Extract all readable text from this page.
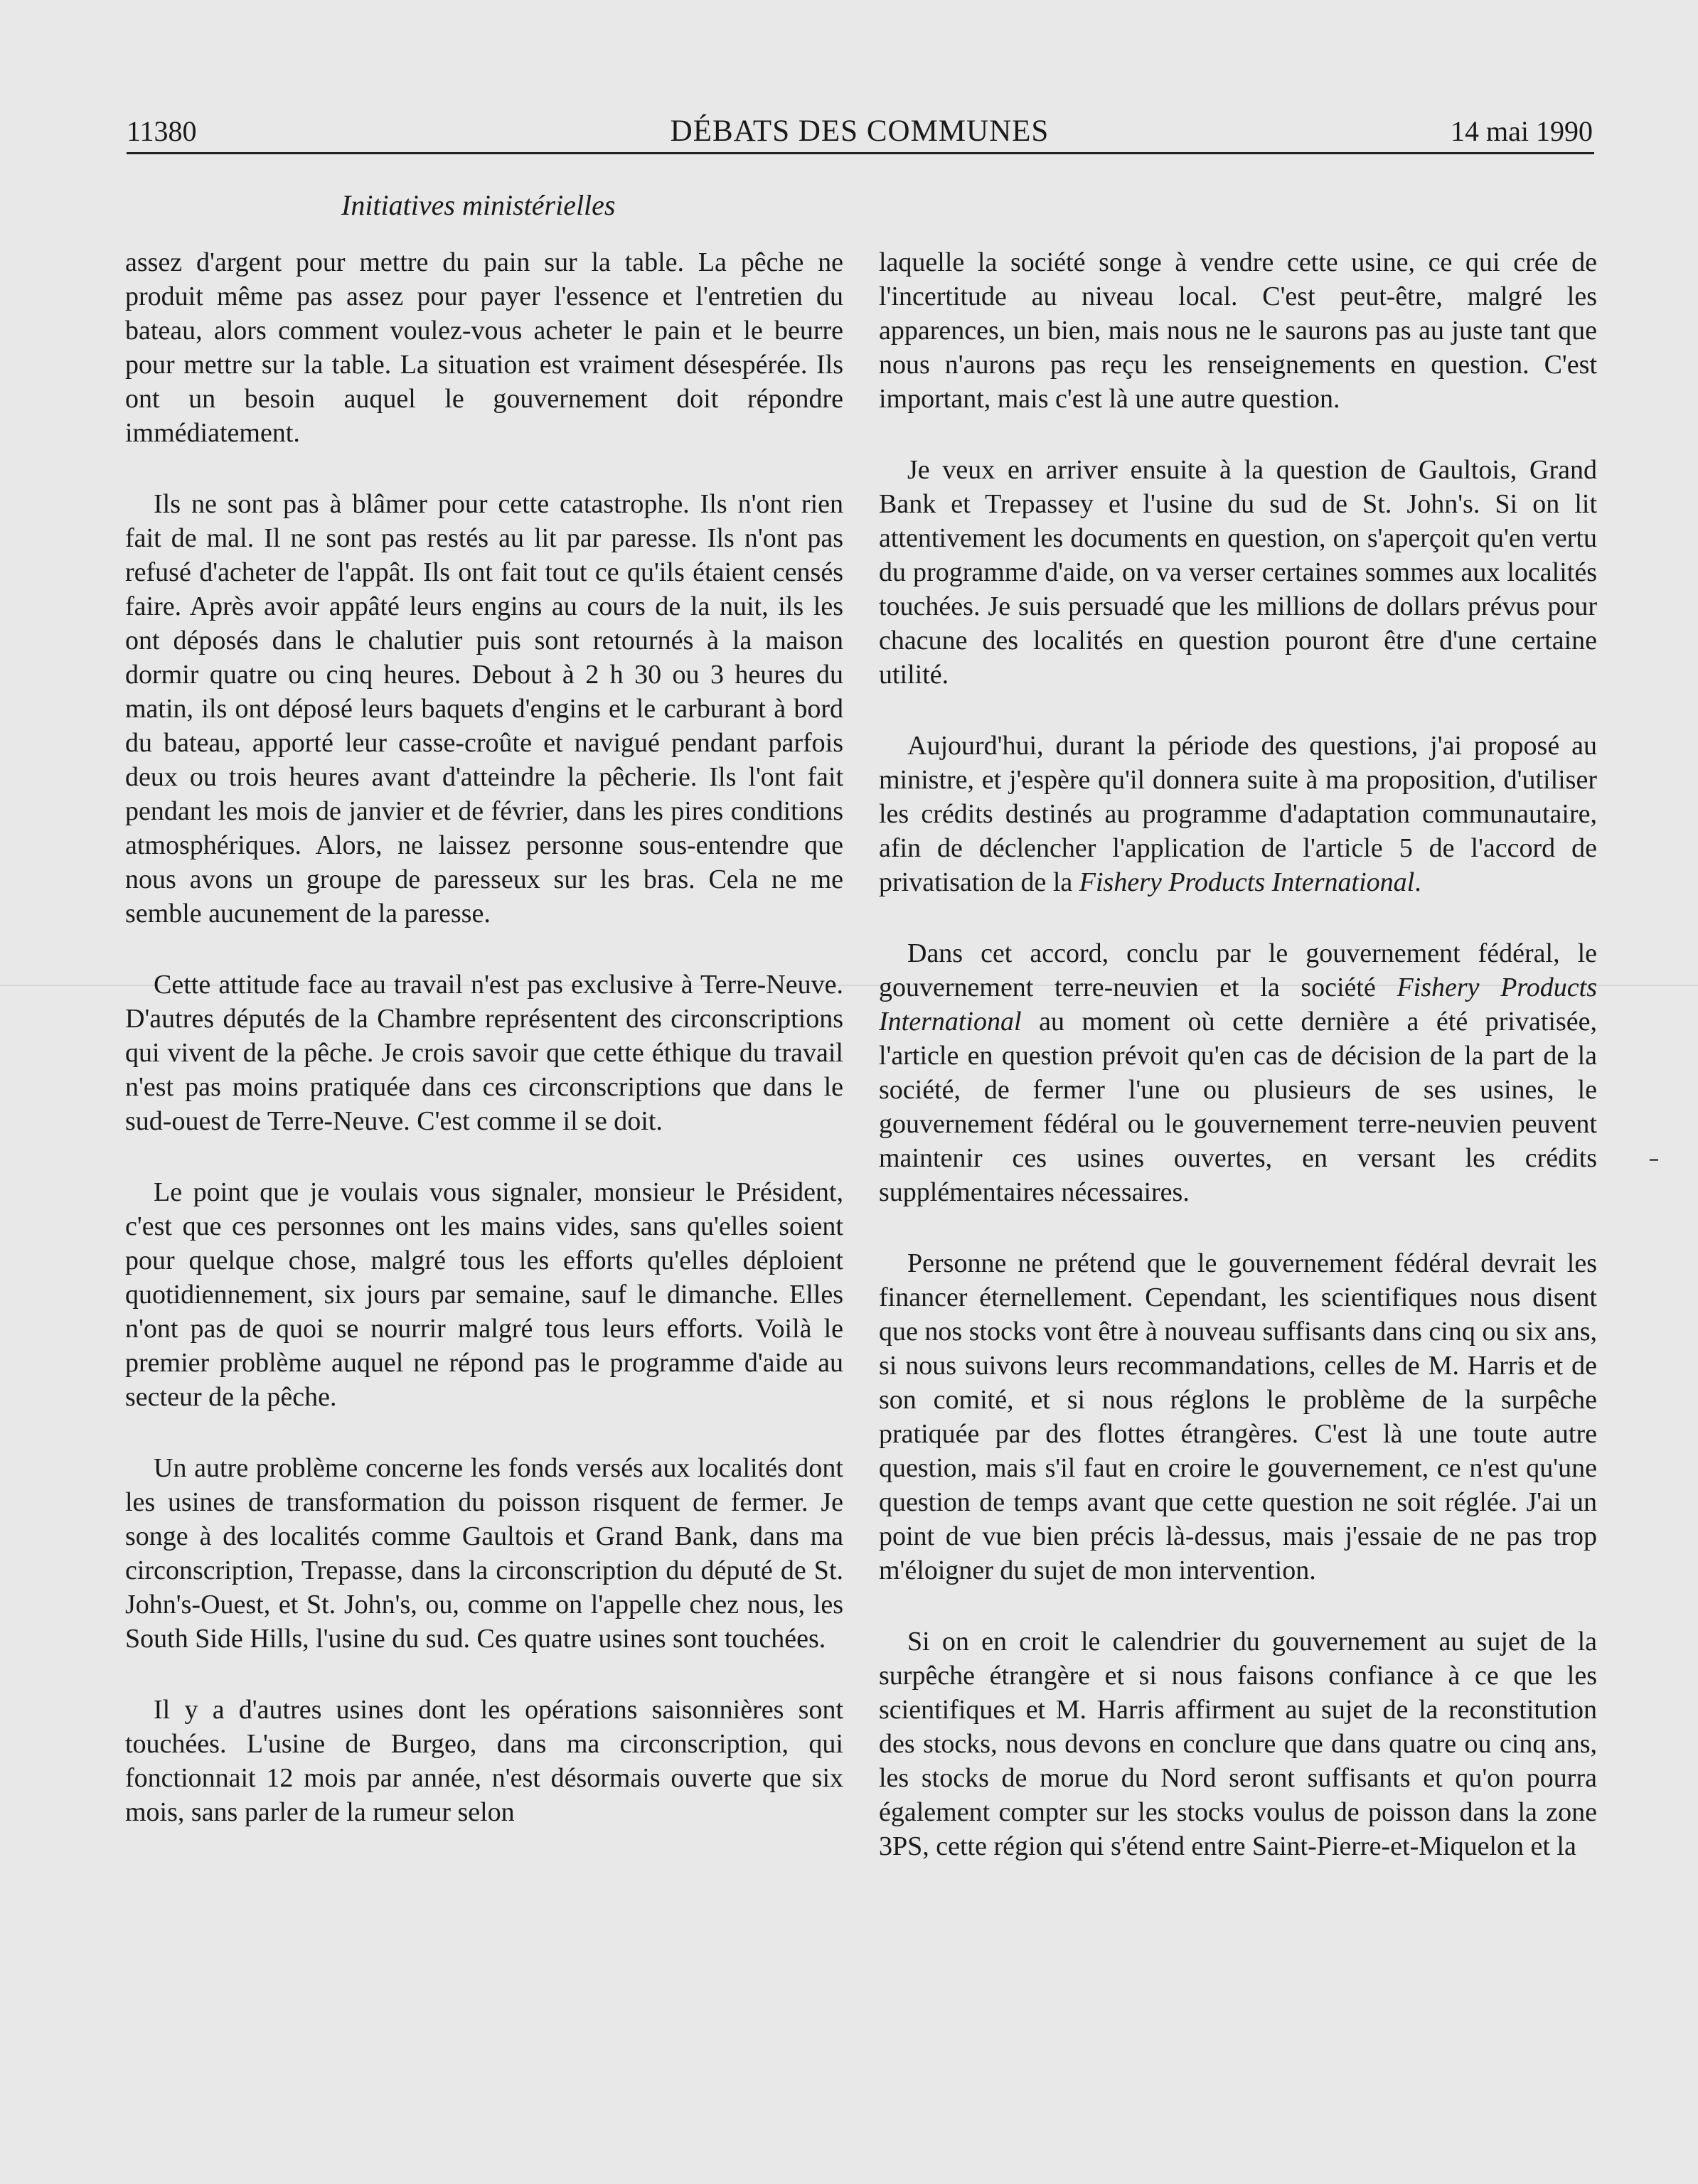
11380	DÉBATS DES COMMUNES	14 mai 1990
Initiatives ministérielles

assez d'argent pour mettre du pain sur la table. La pêche ne produit même pas assez pour payer l'essence et l'entretien du bateau, alors comment voulez-vous acheter le pain et le beurre pour mettre sur la table. La situation est vraiment désespérée. Ils ont un besoin auquel le gouvernement doit répondre immédiatement.

Ils ne sont pas à blâmer pour cette catastrophe. Ils n'ont rien fait de mal. Il ne sont pas restés au lit par paresse. Ils n'ont pas refusé d'acheter de l'appât. Ils ont fait tout ce qu'ils étaient censés faire. Après avoir appâté leurs engins au cours de la nuit, ils les ont déposés dans le chalutier puis sont retournés à la maison dormir quatre ou cinq heures. Debout à 2 h 30 ou 3 heures du matin, ils ont déposé leurs baquets d'engins et le carburant à bord du bateau, apporté leur casse-croûte et navigué pendant parfois deux ou trois heures avant d'atteindre la pêcherie. Ils l'ont fait pendant les mois de janvier et de février, dans les pires conditions atmosphériques. Alors, ne laissez personne sous-entendre que nous avons un groupe de paresseux sur les bras. Cela ne me semble aucunement de la paresse.

Cette attitude face au travail n'est pas exclusive à Terre-Neuve. D'autres députés de la Chambre représentent des circonscriptions qui vivent de la pêche. Je crois savoir que cette éthique du travail n'est pas moins pratiquée dans ces circonscriptions que dans le sud-ouest de Terre-Neuve. C'est comme il se doit.

Le point que je voulais vous signaler, monsieur le Président, c'est que ces personnes ont les mains vides, sans qu'elles soient pour quelque chose, malgré tous les efforts qu'elles déploient quotidiennement, six jours par semaine, sauf le dimanche. Elles n'ont pas de quoi se nourrir malgré tous leurs efforts. Voilà le premier problème auquel ne répond pas le programme d'aide au secteur de la pêche.

Un autre problème concerne les fonds versés aux localités dont les usines de transformation du poisson risquent de fermer. Je songe à des localités comme Gaultois et Grand Bank, dans ma circonscription, Trepasse, dans la circonscription du député de St. John's-Ouest, et St. John's, ou, comme on l'appelle chez nous, les South Side Hills, l'usine du sud. Ces quatre usines sont touchées.

Il y a d'autres usines dont les opérations saisonnières sont touchées. L'usine de Burgeo, dans ma circonscription, qui fonctionnait 12 mois par année, n'est désormais ouverte que six mois, sans parler de la rumeur selon

laquelle la société songe à vendre cette usine, ce qui crée de l'incertitude au niveau local. C'est peut-être, malgré les apparences, un bien, mais nous ne le saurons pas au juste tant que nous n'aurons pas reçu les renseignements en question. C'est important, mais c'est là une autre question.

Je veux en arriver ensuite à la question de Gaultois, Grand Bank et Trepassey et l'usine du sud de St. John's. Si on lit attentivement les documents en question, on s'aperçoit qu'en vertu du programme d'aide, on va verser certaines sommes aux localités touchées. Je suis persuadé que les millions de dollars prévus pour chacune des localités en question pouront être d'une certaine utilité.

Aujourd'hui, durant la période des questions, j'ai proposé au ministre, et j'espère qu'il donnera suite à ma proposition, d'utiliser les crédits destinés au programme d'adaptation communautaire, afin de déclencher l'application de l'article 5 de l'accord de privatisation de la Fishery Products International.

Dans cet accord, conclu par le gouvernement fédéral, le gouvernement terre-neuvien et la société Fishery Products International au moment où cette dernière a été privatisée, l'article en question prévoit qu'en cas de décision de la part de la société, de fermer l'une ou plusieurs de ses usines, le gouvernement fédéral ou le gouvernement terre-neuvien peuvent maintenir ces usines ouvertes, en versant les crédits supplémentaires nécessaires.

Personne ne prétend que le gouvernement fédéral devrait les financer éternellement. Cependant, les scientifiques nous disent que nos stocks vont être à nouveau suffisants dans cinq ou six ans, si nous suivons leurs recommandations, celles de M. Harris et de son comité, et si nous réglons le problème de la surpêche pratiquée par des flottes étrangères. C'est là une toute autre question, mais s'il faut en croire le gouvernement, ce n'est qu'une question de temps avant que cette question ne soit réglée. J'ai un point de vue bien précis là-dessus, mais j'essaie de ne pas trop m'éloigner du sujet de mon intervention.

Si on en croit le calendrier du gouvernement au sujet de la surpêche étrangère et si nous faisons confiance à ce que les scientifiques et M. Harris affirment au sujet de la reconstitution des stocks, nous devons en conclure que dans quatre ou cinq ans, les stocks de morue du Nord seront suffisants et qu'on pourra également compter sur les stocks voulus de poisson dans la zone 3PS, cette région qui s'étend entre Saint-Pierre-et-Miquelon et la
